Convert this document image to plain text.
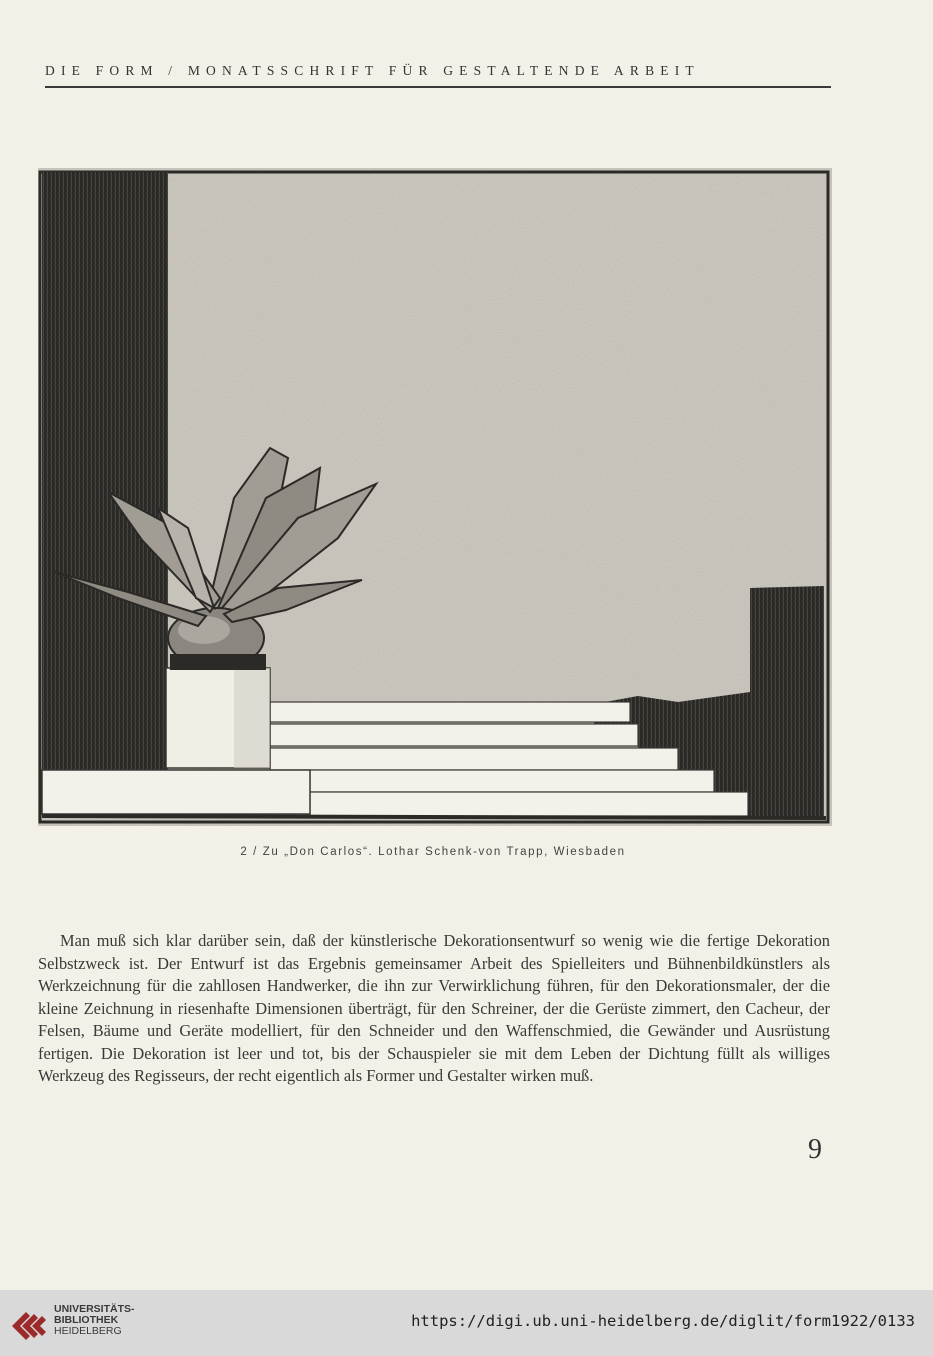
DIE FORM / MONATSSCHRIFT FÜR GESTALTENDE ARBEIT
2 / Zu „Don Carlos“. Lothar Schenk-von Trapp, Wiesbaden
Man muß sich klar darüber sein, daß der künstlerische Dekorationsentwurf so wenig wie die fertige Dekoration Selbstzweck ist. Der Entwurf ist das Ergebnis gemeinsamer Arbeit des Spielleiters und Bühnenbildkünstlers als Werkzeichnung für die zahllosen Handwerker, die ihn zur Verwirklichung führen, für den Dekorationsmaler, der die kleine Zeichnung in riesenhafte Dimensionen überträgt, für den Schreiner, der die Gerüste zimmert, den Cacheur, der Felsen, Bäume und Geräte modelliert, für den Schneider und den Waffenschmied, die Gewänder und Ausrüstung fertigen. Die Dekoration ist leer und tot, bis der Schauspieler sie mit dem Leben der Dichtung füllt als williges Werkzeug des Regisseurs, der recht eigentlich als Former und Gestalter wirken muß.
9
UNIVERSITÄTS-
BIBLIOTHEK
HEIDELBERG
https://digi.ub.uni-heidelberg.de/diglit/form1922/0133
